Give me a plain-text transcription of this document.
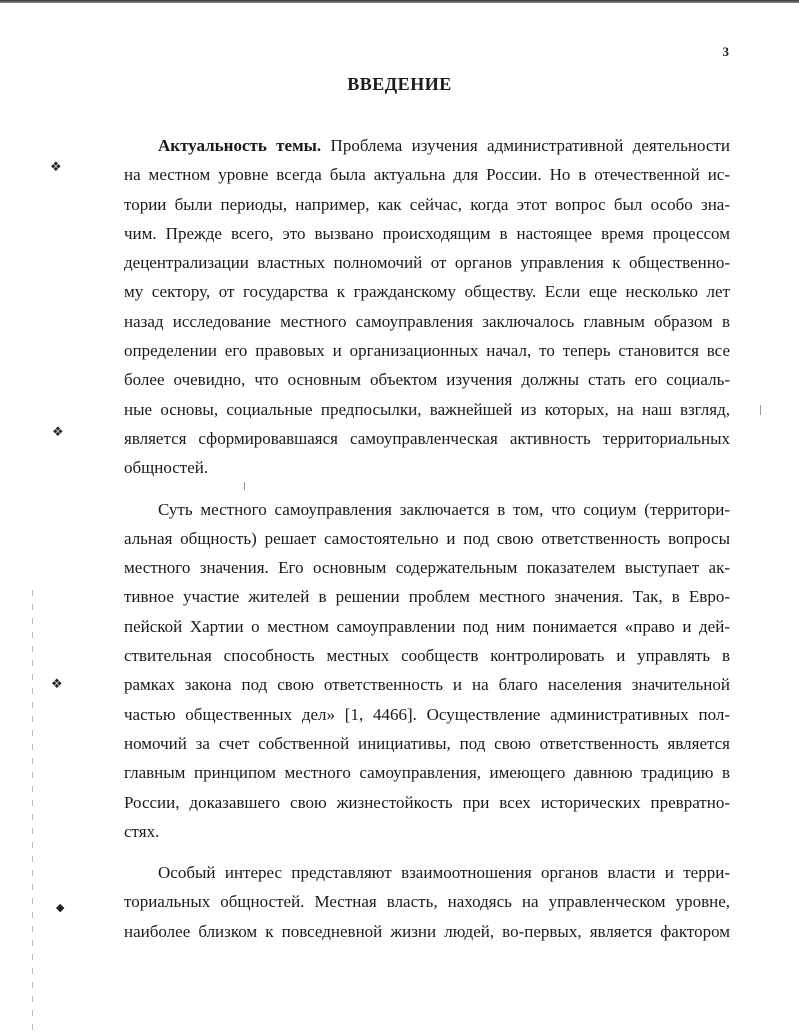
❖
❖
❖
◆
3
ВВЕДЕНИЕ
Актуальность темы. Проблема изучения административной деятельности
на местном уровне всегда была актуальна для России. Но в отечественной ис-
тории были периоды, например, как сейчас, когда этот вопрос был особо зна-
чим. Прежде всего, это вызвано происходящим в настоящее время процессом
децентрализации властных полномочий от органов управления к общественно-
му сектору, от государства к гражданскому обществу. Если еще несколько лет
назад исследование местного самоуправления заключалось главным образом в
определении его правовых и организационных начал, то теперь становится все
более очевидно, что основным объектом изучения должны стать его социаль-
ные основы, социальные предпосылки, важнейшей из которых, на наш взгляд,
является сформировавшаяся самоуправленческая активность территориальных
общностей.
Суть местного самоуправления заключается в том, что социум (территори-
альная общность) решает самостоятельно и под свою ответственность вопросы
местного значения. Его основным содержательным показателем выступает ак-
тивное участие жителей в решении проблем местного значения. Так, в Евро-
пейской Хартии о местном самоуправлении под ним понимается «право и дей-
ствительная способность местных сообществ контролировать и управлять в
рамках закона под свою ответственность и на благо населения значительной
частью общественных дел» [1, 4466]. Осуществление административных пол-
номочий за счет собственной инициативы, под свою ответственность является
главным принципом местного самоуправления, имеющего давнюю традицию в
России, доказавшего свою жизнестойкость при всех исторических превратно-
стях.
Особый интерес представляют взаимоотношения органов власти и терри-
ториальных общностей. Местная власть, находясь на управленческом уровне,
наиболее близком к повседневной жизни людей, во-первых, является фактором
